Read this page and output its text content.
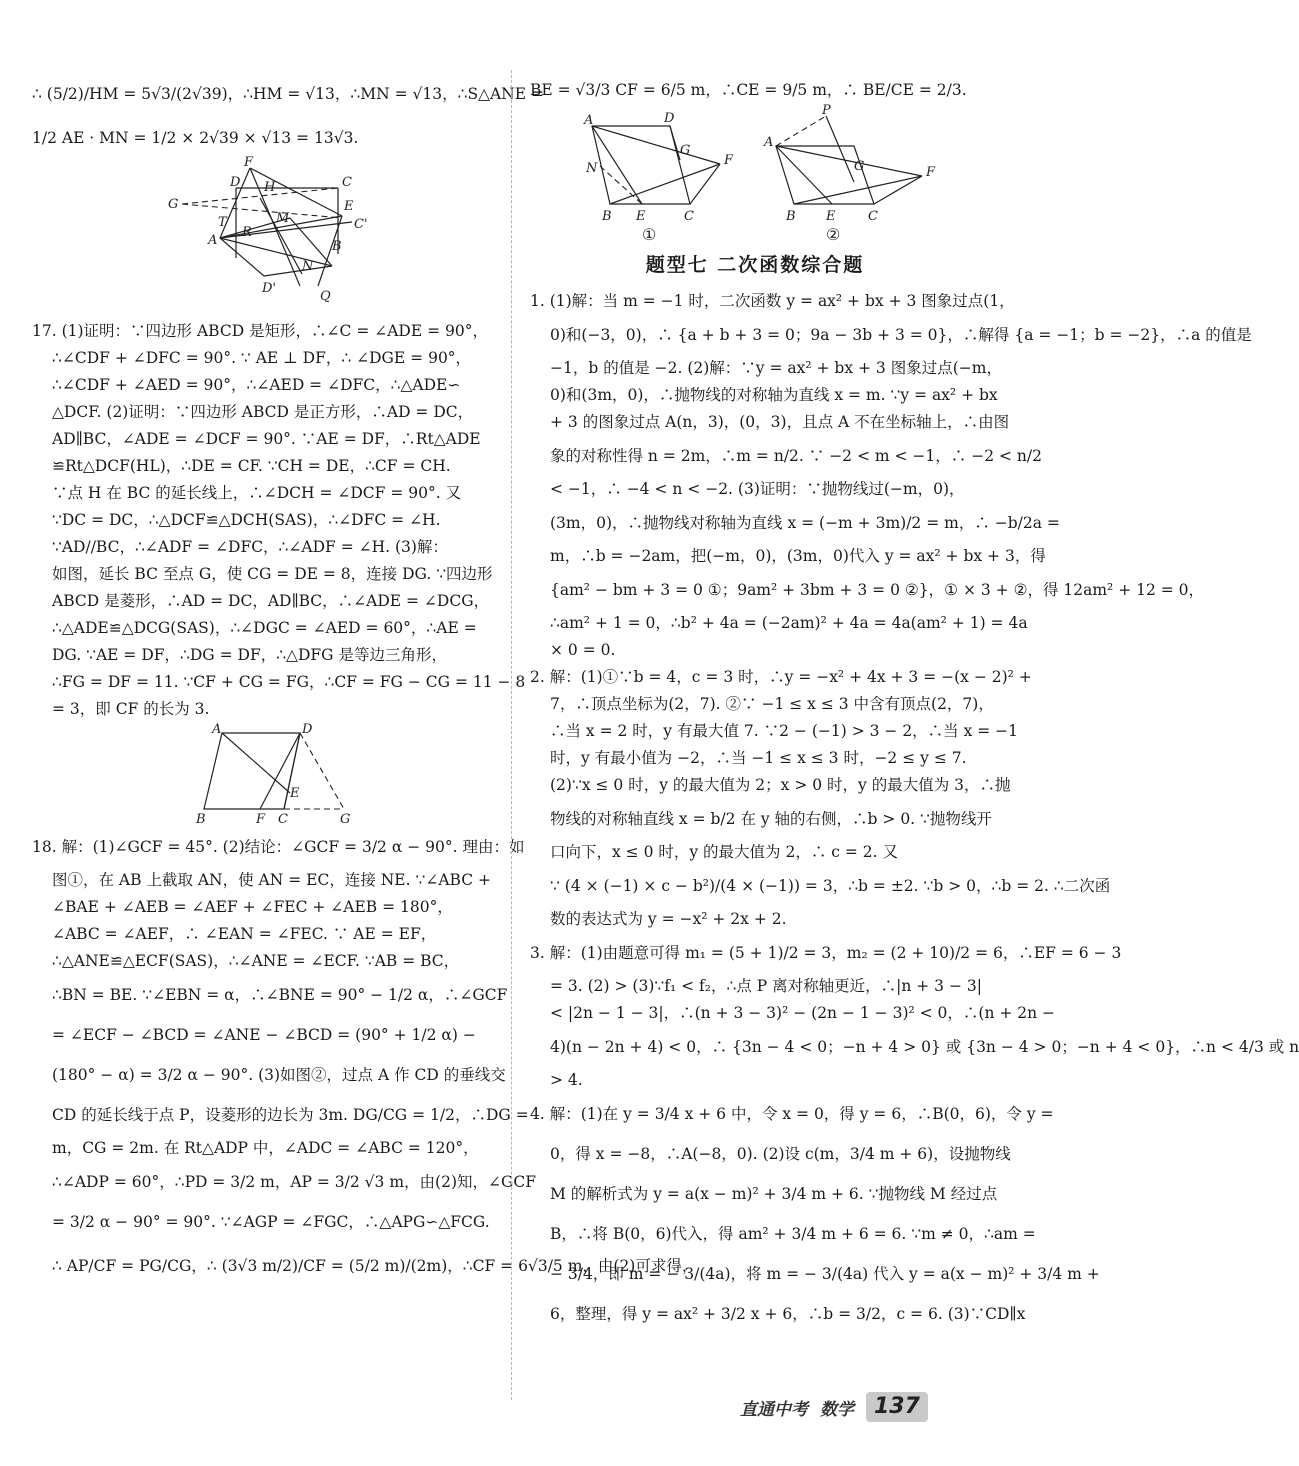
∴ (5/2)/HM = 5√3/(2√39)，∴HM = √13，∴MN = √13，∴S△ANE =
1/2 AE · MN = 1/2 × 2√39 × √13 = 13√3.
F
D H	C
G	E
T	M
R
C'
A	B
N
D'
Q
17. (1)证明：∵四边形 ABCD 是矩形，∴∠C = ∠ADE = 90°，
∴∠CDF + ∠DFC = 90°. ∵ AE ⊥ DF，∴ ∠DGE = 90°，
∴∠CDF + ∠AED = 90°，∴∠AED = ∠DFC，∴△ADE∽
△DCF. (2)证明：∵四边形 ABCD 是正方形，∴AD = DC，
AD∥BC，∠ADE = ∠DCF = 90°. ∵AE = DF，∴Rt△ADE
≌Rt△DCF(HL)，∴DE = CF. ∵CH = DE，∴CF = CH.
∵点 H 在 BC 的延长线上，∴∠DCH = ∠DCF = 90°. 又
∵DC = DC，∴△DCF≌△DCH(SAS)，∴∠DFC = ∠H.
∵AD//BC，∴∠ADF = ∠DFC，∴∠ADF = ∠H. (3)解：
如图，延长 BC 至点 G，使 CG = DE = 8，连接 DG. ∵四边形
ABCD 是菱形，∴AD = DC，AD∥BC，∴∠ADE = ∠DCG，
∴△ADE≌△DCG(SAS)，∴∠DGC = ∠AED = 60°，∴AE =
DG. ∵AE = DF，∴DG = DF，∴△DFG 是等边三角形，
∴FG = DF = 11. ∵CF + CG = FG，∴CF = FG − CG = 11 − 8
= 3，即 CF 的长为 3.
A	D
E
B	F C	G
18. 解：(1)∠GCF = 45°. (2)结论：∠GCF = 3/2 α − 90°. 理由：如
图①，在 AB 上截取 AN，使 AN = EC，连接 NE. ∵∠ABC +
∠BAE + ∠AEB = ∠AEF + ∠FEC + ∠AEB = 180°，
∠ABC = ∠AEF，∴ ∠EAN = ∠FEC. ∵ AE = EF，
∴△ANE≌△ECF(SAS)，∴∠ANE = ∠ECF. ∵AB = BC，
∴BN = BE. ∵∠EBN = α，∴∠BNE = 90° − 1/2 α，∴∠GCF
= ∠ECF − ∠BCD = ∠ANE − ∠BCD = (90° + 1/2 α) −
(180° − α) = 3/2 α − 90°. (3)如图②，过点 A 作 CD 的垂线交
CD 的延长线于点 P，设菱形的边长为 3m. DG/CG = 1/2，∴DG =
m，CG = 2m. 在 Rt△ADP 中，∠ADC = ∠ABC = 120°，
∴∠ADP = 60°，∴PD = 3/2 m，AP = 3/2 √3 m，由(2)知，∠GCF
= 3/2 α − 90° = 90°. ∵∠AGP = ∠FGC，∴△APG∽△FCG.
∴ AP/CF = PG/CG，∴ (3√3 m/2)/CF = (5/2 m)/(2m)，∴CF = 6√3/5 m，由(2)可求得，
BE = √3/3 CF = 6/5 m，∴CE = 9/5 m，∴ BE/CE = 2/3.
A	D
G
F
N
B E	C
①
P
A
G	F
B E	C
②
题型七 二次函数综合题
1. (1)解：当 m = −1 时，二次函数 y = ax² + bx + 3 图象过点(1，
0)和(−3，0)，∴ {a + b + 3 = 0；9a − 3b + 3 = 0}，∴解得 {a = −1；b = −2}，∴a 的值是
−1，b 的值是 −2. (2)解：∵y = ax² + bx + 3 图象过点(−m，
0)和(3m，0)，∴抛物线的对称轴为直线 x = m. ∵y = ax² + bx
+ 3 的图象过点 A(n，3)，(0，3)，且点 A 不在坐标轴上，∴由图
象的对称性得 n = 2m，∴m = n/2. ∵ −2 < m < −1，∴ −2 < n/2
< −1，∴ −4 < n < −2. (3)证明：∵抛物线过(−m，0)，
(3m，0)，∴抛物线对称轴为直线 x = (−m + 3m)/2 = m，∴ −b/2a =
m，∴b = −2am，把(−m，0)，(3m，0)代入 y = ax² + bx + 3，得
{am² − bm + 3 = 0 ①；9am² + 3bm + 3 = 0 ②}，① × 3 + ②，得 12am² + 12 = 0，
∴am² + 1 = 0，∴b² + 4a = (−2am)² + 4a = 4a(am² + 1) = 4a
× 0 = 0.
2. 解：(1)①∵b = 4，c = 3 时，∴y = −x² + 4x + 3 = −(x − 2)² +
7，∴顶点坐标为(2，7). ②∵ −1 ≤ x ≤ 3 中含有顶点(2，7)，
∴当 x = 2 时，y 有最大值 7. ∵2 − (−1) > 3 − 2，∴当 x = −1
时，y 有最小值为 −2，∴当 −1 ≤ x ≤ 3 时，−2 ≤ y ≤ 7.
(2)∵x ≤ 0 时，y 的最大值为 2；x > 0 时，y 的最大值为 3，∴抛
物线的对称轴直线 x = b/2 在 y 轴的右侧，∴b > 0. ∵抛物线开
口向下，x ≤ 0 时，y 的最大值为 2，∴ c = 2. 又
∵ (4 × (−1) × c − b²)/(4 × (−1)) = 3，∴b = ±2. ∵b > 0，∴b = 2. ∴二次函
数的表达式为 y = −x² + 2x + 2.
3. 解：(1)由题意可得 m₁ = (5 + 1)/2 = 3，m₂ = (2 + 10)/2 = 6，∴EF = 6 − 3
= 3. (2) > (3)∵f₁ < f₂，∴点 P 离对称轴更近，∴|n + 3 − 3|
< |2n − 1 − 3|，∴(n + 3 − 3)² − (2n − 1 − 3)² < 0，∴(n + 2n −
4)(n − 2n + 4) < 0，∴ {3n − 4 < 0；−n + 4 > 0} 或 {3n − 4 > 0；−n + 4 < 0}，∴n < 4/3 或 n
> 4.
4. 解：(1)在 y = 3/4 x + 6 中，令 x = 0，得 y = 6，∴B(0，6)，令 y =
0，得 x = −8，∴A(−8，0). (2)设 c(m，3/4 m + 6)，设抛物线
M 的解析式为 y = a(x − m)² + 3/4 m + 6. ∵抛物线 M 经过点
B，∴将 B(0，6)代入，得 am² + 3/4 m + 6 = 6. ∵m ≠ 0，∴am =
− 3/4，即 m = − 3/(4a)，将 m = − 3/(4a) 代入 y = a(x − m)² + 3/4 m +
6，整理，得 y = ax² + 3/2 x + 6，∴b = 3/2，c = 6. (3)∵CD∥x
直通中考 数学 137
